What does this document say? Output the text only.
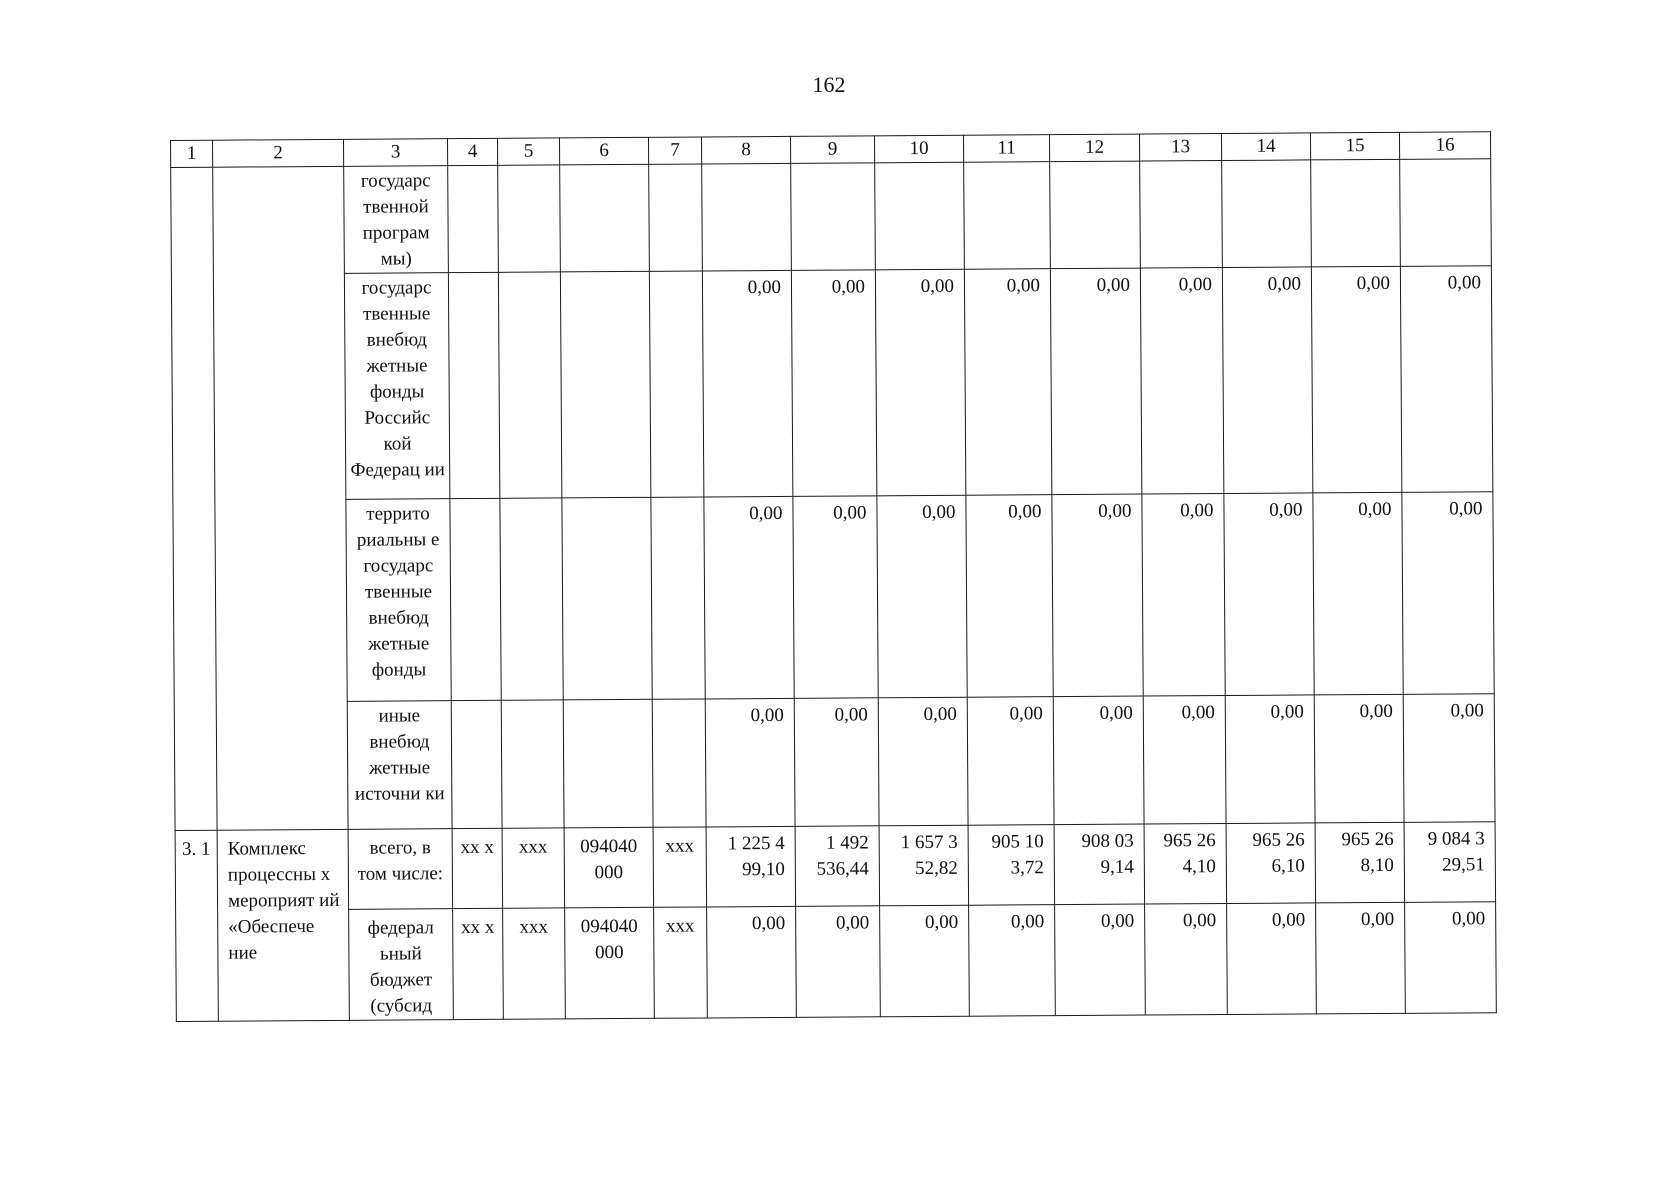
162
1	2	3	4	5	6	7	8	9	10	11	12	13	14	15	16
		государс твенной програм мы)													
		государс твенные внебюд жетные фонды Российс кой Федерац ии					0,00	0,00	0,00	0,00	0,00	0,00	0,00	0,00	0,00
		террито риальны е государс твенные внебюд жетные фонды					0,00	0,00	0,00	0,00	0,00	0,00	0,00	0,00	0,00
		иные внебюд жетные источни ки					0,00	0,00	0,00	0,00	0,00	0,00	0,00	0,00	0,00
3. 1	Комплекс процессны х мероприят ий «Обеспече ние	всего, в том числе:	хх х	ххх	094040 000	ххх	1 225 4 99,10	1 492 536,44	1 657 3 52,82	905 10 3,72	908 03 9,14	965 26 4,10	965 26 6,10	965 26 8,10	9 084 3 29,51
		федерал ьный бюджет (субсид	хх х	ххх	094040 000	ххх	0,00	0,00	0,00	0,00	0,00	0,00	0,00	0,00	0,00
